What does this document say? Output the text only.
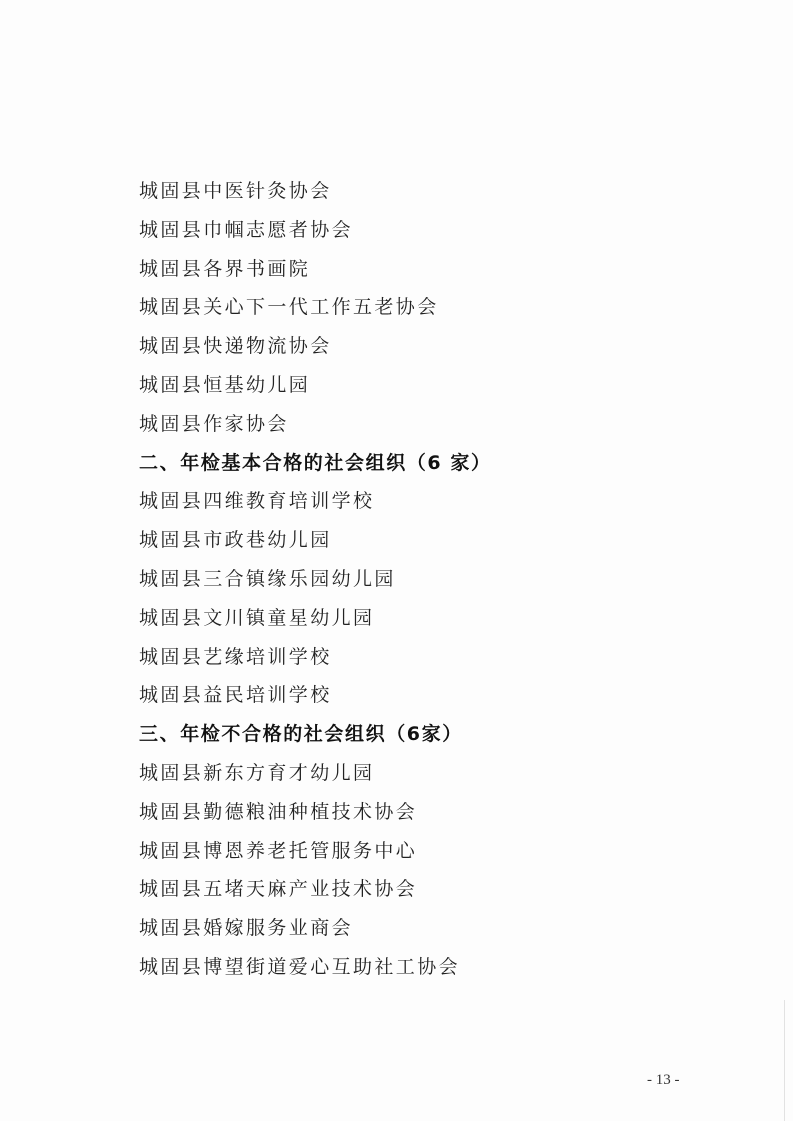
城固县中医针灸协会
城固县巾帼志愿者协会
城固县各界书画院
城固县关心下一代工作五老协会
城固县快递物流协会
城固县恒基幼儿园
城固县作家协会
二、年检基本合格的社会组织（6 家）
城固县四维教育培训学校
城固县市政巷幼儿园
城固县三合镇缘乐园幼儿园
城固县文川镇童星幼儿园
城固县艺缘培训学校
城固县益民培训学校
三、年检不合格的社会组织（6家）
城固县新东方育才幼儿园
城固县勤德粮油种植技术协会
城固县博恩养老托管服务中心
城固县五堵天麻产业技术协会
城固县婚嫁服务业商会
城固县博望街道爱心互助社工协会
- 13 -
